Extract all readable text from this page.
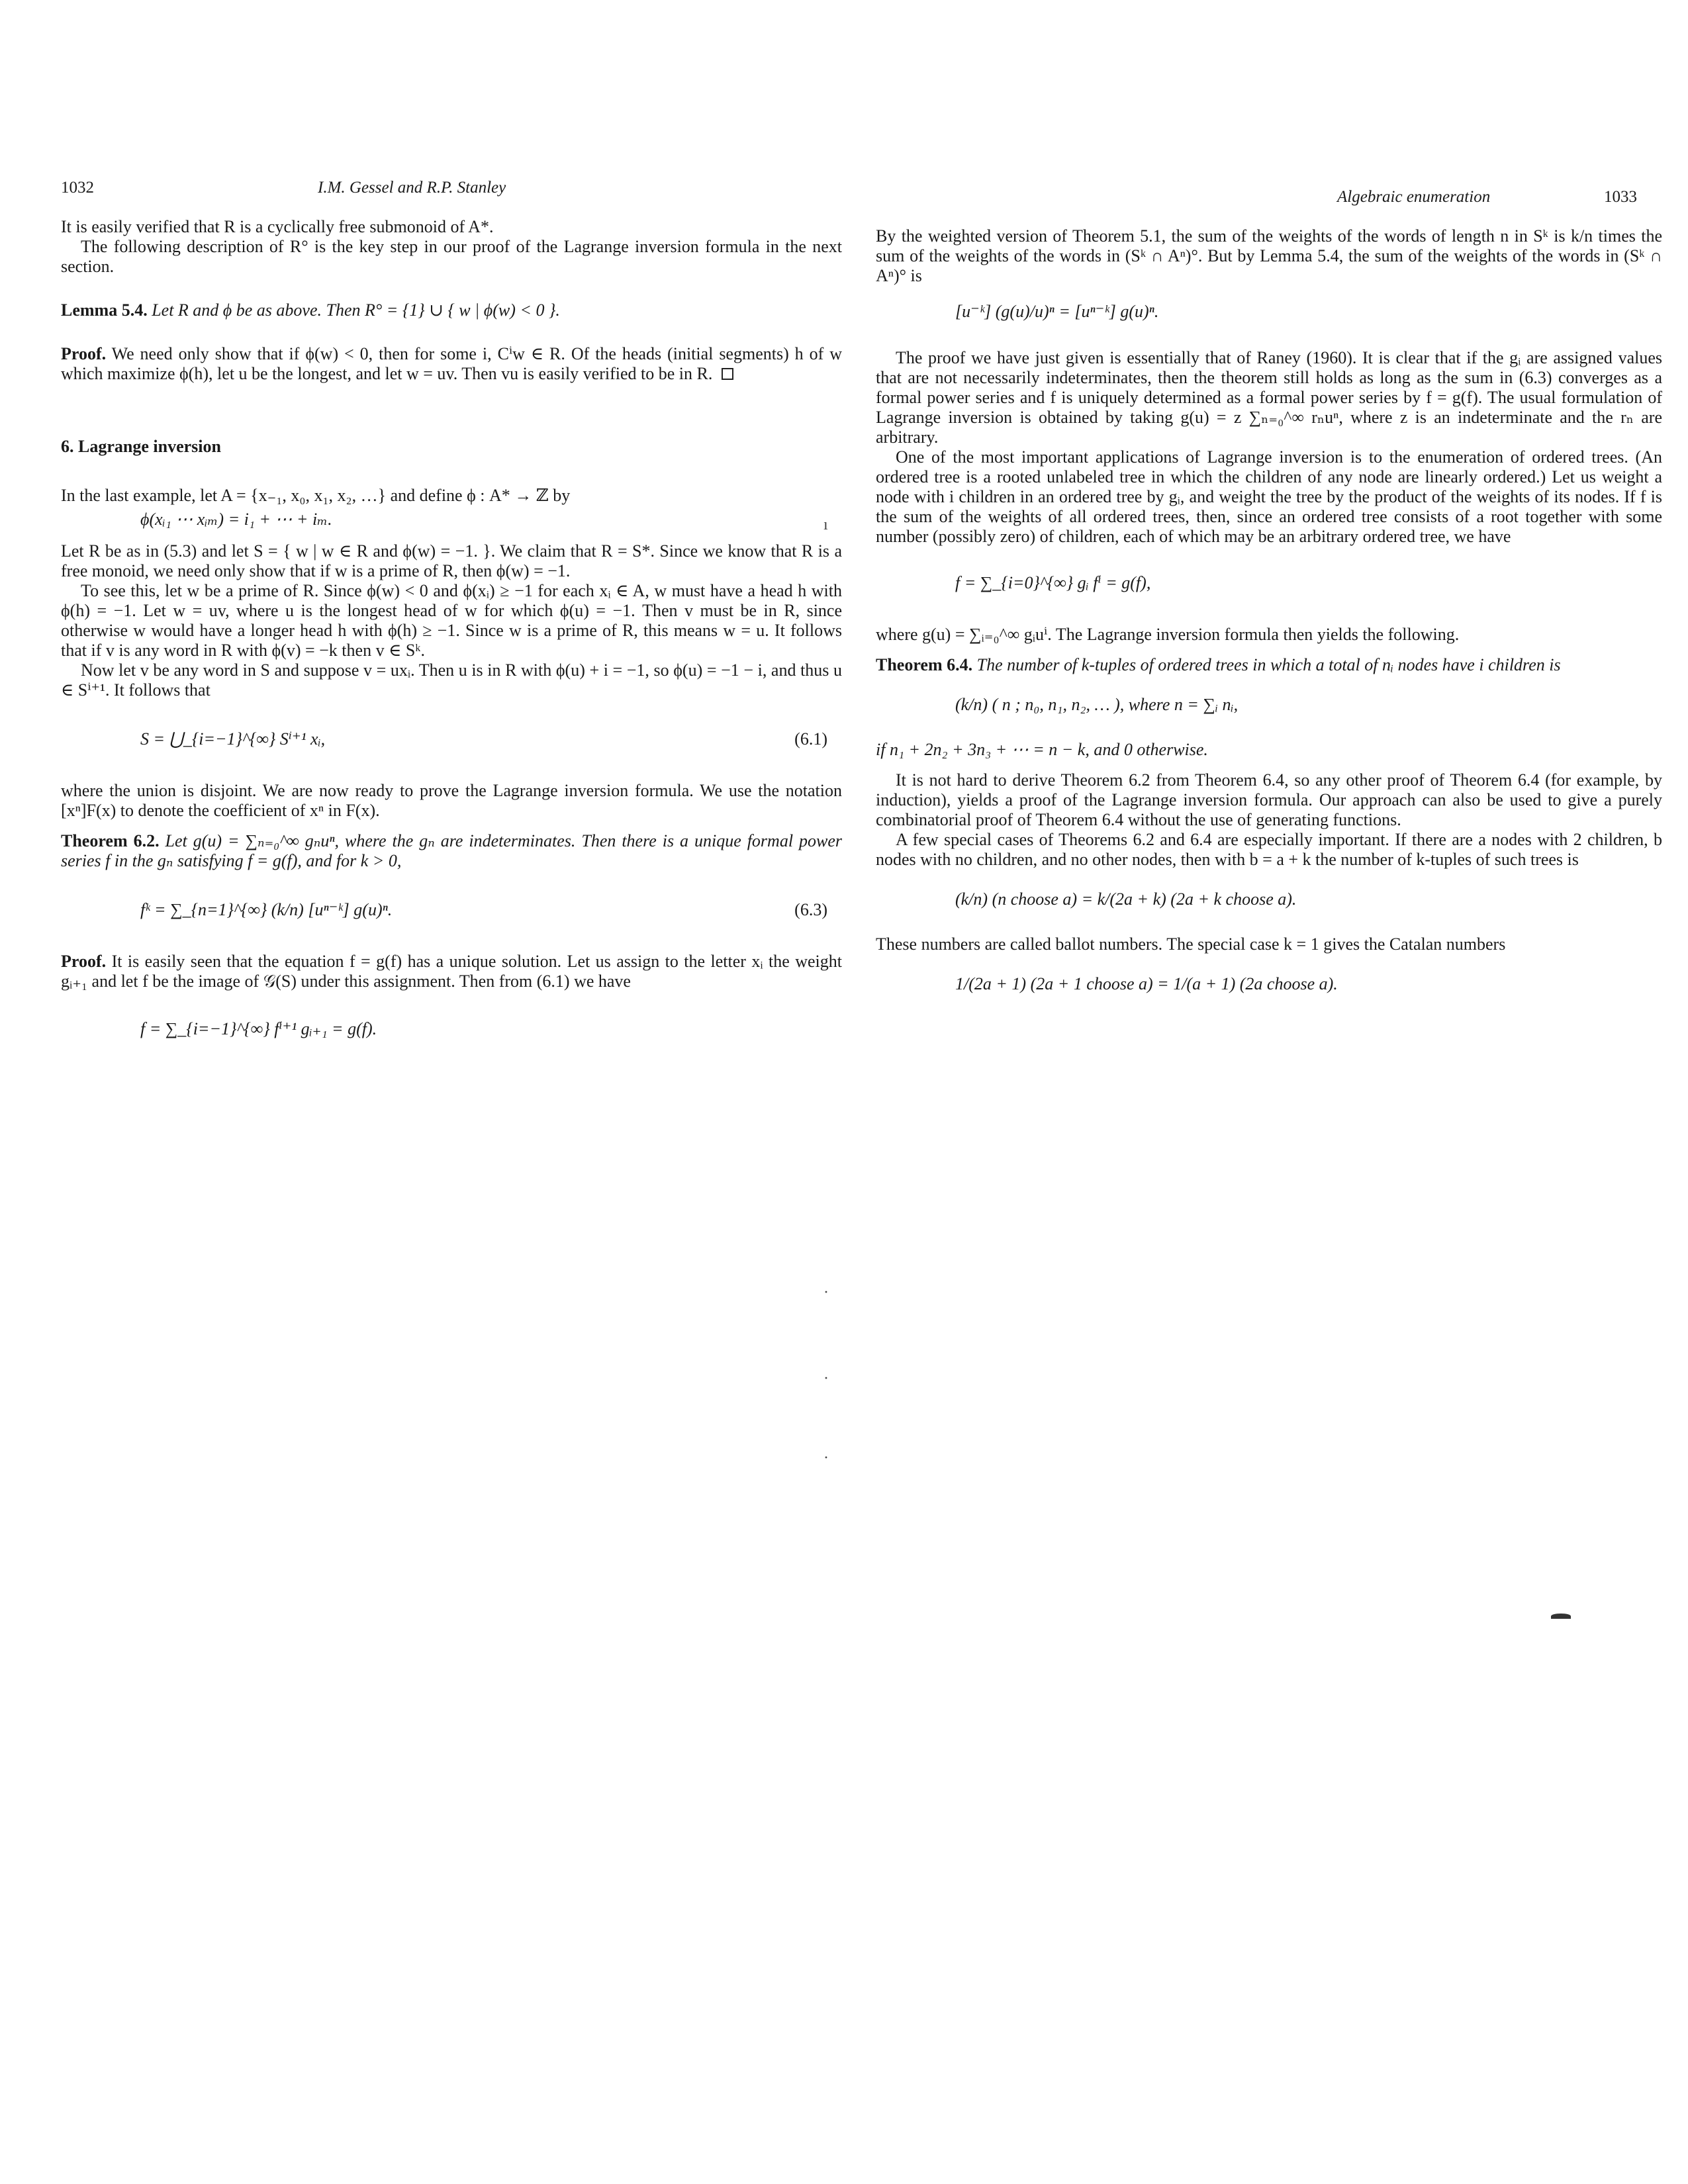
1032	I.M. Gessel and R.P. Stanley

It is easily verified that R is a cyclically free submonoid of A*.

The following description of R° is the key step in our proof of the Lagrange inversion formula in the next section.

Lemma 5.4. Let R and ϕ be as above. Then R° = {1} ∪ { w | ϕ(w) < 0 }.

Proof. We need only show that if ϕ(w) < 0, then for some i, Cⁱw ∈ R. Of the heads (initial segments) h of w which maximize ϕ(h), let u be the longest, and let w = uv. Then vu is easily verified to be in R.

6. Lagrange inversion

In the last example, let A = {x₋₁, x₀, x₁, x₂, …} and define ϕ : A* → ℤ by

ϕ(xᵢ₁ ⋯ xᵢₘ) = i₁ + ⋯ + iₘ.

Let R be as in (5.3) and let S = { w | w ∈ R and ϕ(w) = −1. }. We claim that R = S*. Since we know that R is a free monoid, we need only show that if w is a prime of R, then ϕ(w) = −1.

To see this, let w be a prime of R. Since ϕ(w) < 0 and ϕ(xᵢ) ≥ −1 for each xᵢ ∈ A, w must have a head h with ϕ(h) = −1. Let w = uv, where u is the longest head of w for which ϕ(u) = −1. Then v must be in R, since otherwise w would have a longer head h with ϕ(h) ≥ −1. Since w is a prime of R, this means w = u. It follows that if v is any word in R with ϕ(v) = −k then v ∈ Sᵏ.

Now let v be any word in S and suppose v = uxᵢ. Then u is in R with ϕ(u) + i = −1, so ϕ(u) = −1 − i, and thus u ∈ Sⁱ⁺¹. It follows that

S = ⋃_{i=−1}^{∞} Sⁱ⁺¹ xᵢ,	(6.1)

where the union is disjoint. We are now ready to prove the Lagrange inversion formula. We use the notation [xⁿ]F(x) to denote the coefficient of xⁿ in F(x).

Theorem 6.2. Let g(u) = ∑ₙ₌₀^∞ gₙuⁿ, where the gₙ are indeterminates. Then there is a unique formal power series f in the gₙ satisfying f = g(f), and for k > 0,

fᵏ = ∑_{n=1}^{∞} (k/n) [uⁿ⁻ᵏ] g(u)ⁿ.	(6.3)

Proof. It is easily seen that the equation f = g(f) has a unique solution. Let us assign to the letter xᵢ the weight gᵢ₊₁ and let f be the image of 𝒢(S) under this assignment. Then from (6.1) we have

f = ∑_{i=−1}^{∞} fⁱ⁺¹ gᵢ₊₁ = g(f).
Algebraic enumeration	1033

By the weighted version of Theorem 5.1, the sum of the weights of the words of length n in Sᵏ is k/n times the sum of the weights of the words in (Sᵏ ∩ Aⁿ)°. But by Lemma 5.4, the sum of the weights of the words in (Sᵏ ∩ Aⁿ)° is

[u⁻ᵏ] (g(u)/u)ⁿ = [uⁿ⁻ᵏ] g(u)ⁿ.

The proof we have just given is essentially that of Raney (1960). It is clear that if the gᵢ are assigned values that are not necessarily indeterminates, then the theorem still holds as long as the sum in (6.3) converges as a formal power series and f is uniquely determined as a formal power series by f = g(f). The usual formulation of Lagrange inversion is obtained by taking g(u) = z ∑ₙ₌₀^∞ rₙuⁿ, where z is an indeterminate and the rₙ are arbitrary.

One of the most important applications of Lagrange inversion is to the enumeration of ordered trees. (An ordered tree is a rooted unlabeled tree in which the children of any node are linearly ordered.) Let us weight a node with i children in an ordered tree by gᵢ, and weight the tree by the product of the weights of its nodes. If f is the sum of the weights of all ordered trees, then, since an ordered tree consists of a root together with some number (possibly zero) of children, each of which may be an arbitrary ordered tree, we have

f = ∑_{i=0}^{∞} gᵢ fⁱ = g(f),

where g(u) = ∑ᵢ₌₀^∞ gᵢuⁱ. The Lagrange inversion formula then yields the following.

Theorem 6.4. The number of k-tuples of ordered trees in which a total of nᵢ nodes have i children is

(k/n) ( n ; n₀, n₁, n₂, … ), where n = ∑ᵢ nᵢ,

if n₁ + 2n₂ + 3n₃ + ⋯ = n − k, and 0 otherwise.

It is not hard to derive Theorem 6.2 from Theorem 6.4, so any other proof of Theorem 6.4 (for example, by induction), yields a proof of the Lagrange inversion formula. Our approach can also be used to give a purely combinatorial proof of Theorem 6.4 without the use of generating functions.

A few special cases of Theorems 6.2 and 6.4 are especially important. If there are a nodes with 2 children, b nodes with no children, and no other nodes, then with b = a + k the number of k-tuples of such trees is

(k/n) (n choose a) = k/(2a + k) (2a + k choose a).

These numbers are called ballot numbers. The special case k = 1 gives the Catalan numbers

1/(2a + 1) (2a + 1 choose a) = 1/(a + 1) (2a choose a).
ı
·
·
·
